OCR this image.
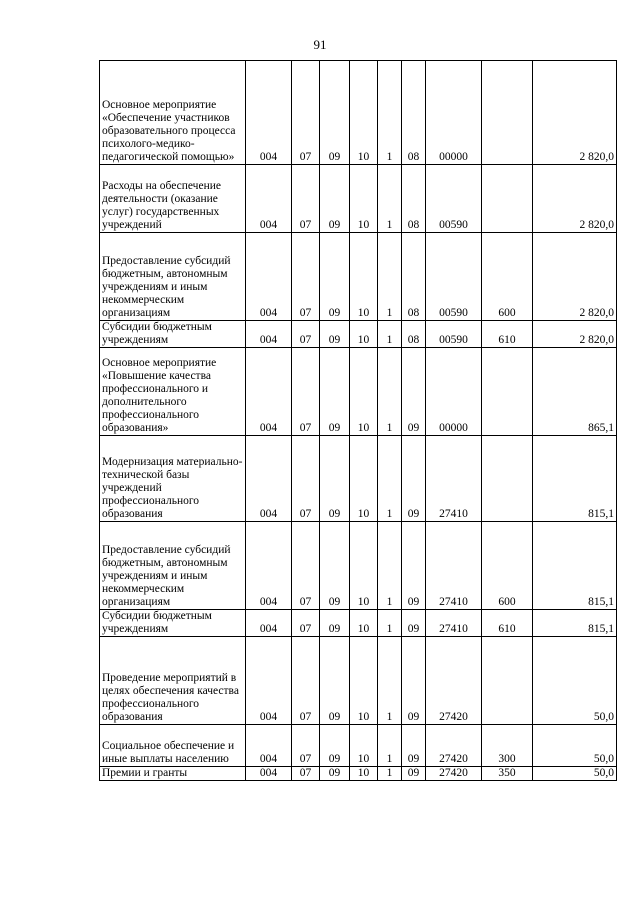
91
Основное мероприятие «Обеспечение участников образовательного процесса психолого-медико-педагогической помощью»	004	07	09	10	1	08	00000		2 820,0
Расходы на обеспечение деятельности (оказание услуг) государственных учреждений	004	07	09	10	1	08	00590		2 820,0
Предоставление субсидий бюджетным, автономным учреждениям и иным некоммерческим организациям	004	07	09	10	1	08	00590	600	2 820,0
Субсидии бюджетным учреждениям	004	07	09	10	1	08	00590	610	2 820,0
Основное мероприятие «Повышение качества профессионального и дополнительного профессионального образования»	004	07	09	10	1	09	00000		865,1
Модернизация материально-технической базы учреждений профессионального образования	004	07	09	10	1	09	27410		815,1
Предоставление субсидий бюджетным, автономным учреждениям и иным некоммерческим организациям	004	07	09	10	1	09	27410	600	815,1
Субсидии бюджетным учреждениям	004	07	09	10	1	09	27410	610	815,1
Проведение мероприятий в целях обеспечения качества профессионального образования	004	07	09	10	1	09	27420		50,0
Социальное обеспечение и иные выплаты населению	004	07	09	10	1	09	27420	300	50,0
Премии и гранты	004	07	09	10	1	09	27420	350	50,0
